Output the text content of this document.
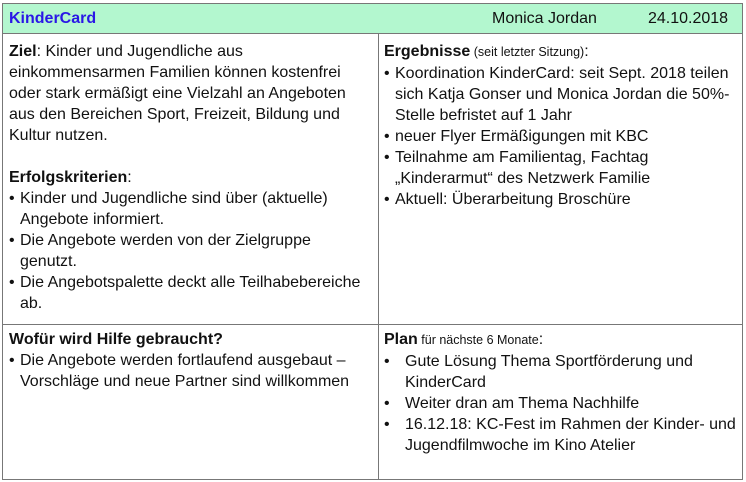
KinderCard	Monica Jordan	24.10.2018

Ziel: Kinder und Jugendliche aus einkommensarmen Familien können kostenfrei oder stark ermäßigt eine Vielzahl an Angeboten aus den Bereichen Sport, Freizeit, Bildung und Kultur nutzen.

Erfolgskriterien:

• Kinder und Jugendliche sind über (aktuelle) Angebote informiert.
• Die Angebote werden von der Zielgruppe genutzt.
• Die Angebotspalette deckt alle Teilhabebereiche ab.

Ergebnisse (seit letzter Sitzung):

• Koordination KinderCard: seit Sept. 2018 teilen sich Katja Gonser und Monica Jordan die 50%-Stelle befristet auf 1 Jahr
• neuer Flyer Ermäßigungen mit KBC
• Teilnahme am Familientag, Fachtag „Kinderarmut“ des Netzwerk Familie
• Aktuell: Überarbeitung Broschüre

Wofür wird Hilfe gebraucht?

• Die Angebote werden fortlaufend ausgebaut – Vorschläge und neue Partner sind willkommen

Plan für nächste 6 Monate:

• Gute Lösung Thema Sportförderung und KinderCard
• Weiter dran am Thema Nachhilfe
• 16.12.18: KC-Fest im Rahmen der Kinder- und Jugendfilmwoche im Kino Atelier
